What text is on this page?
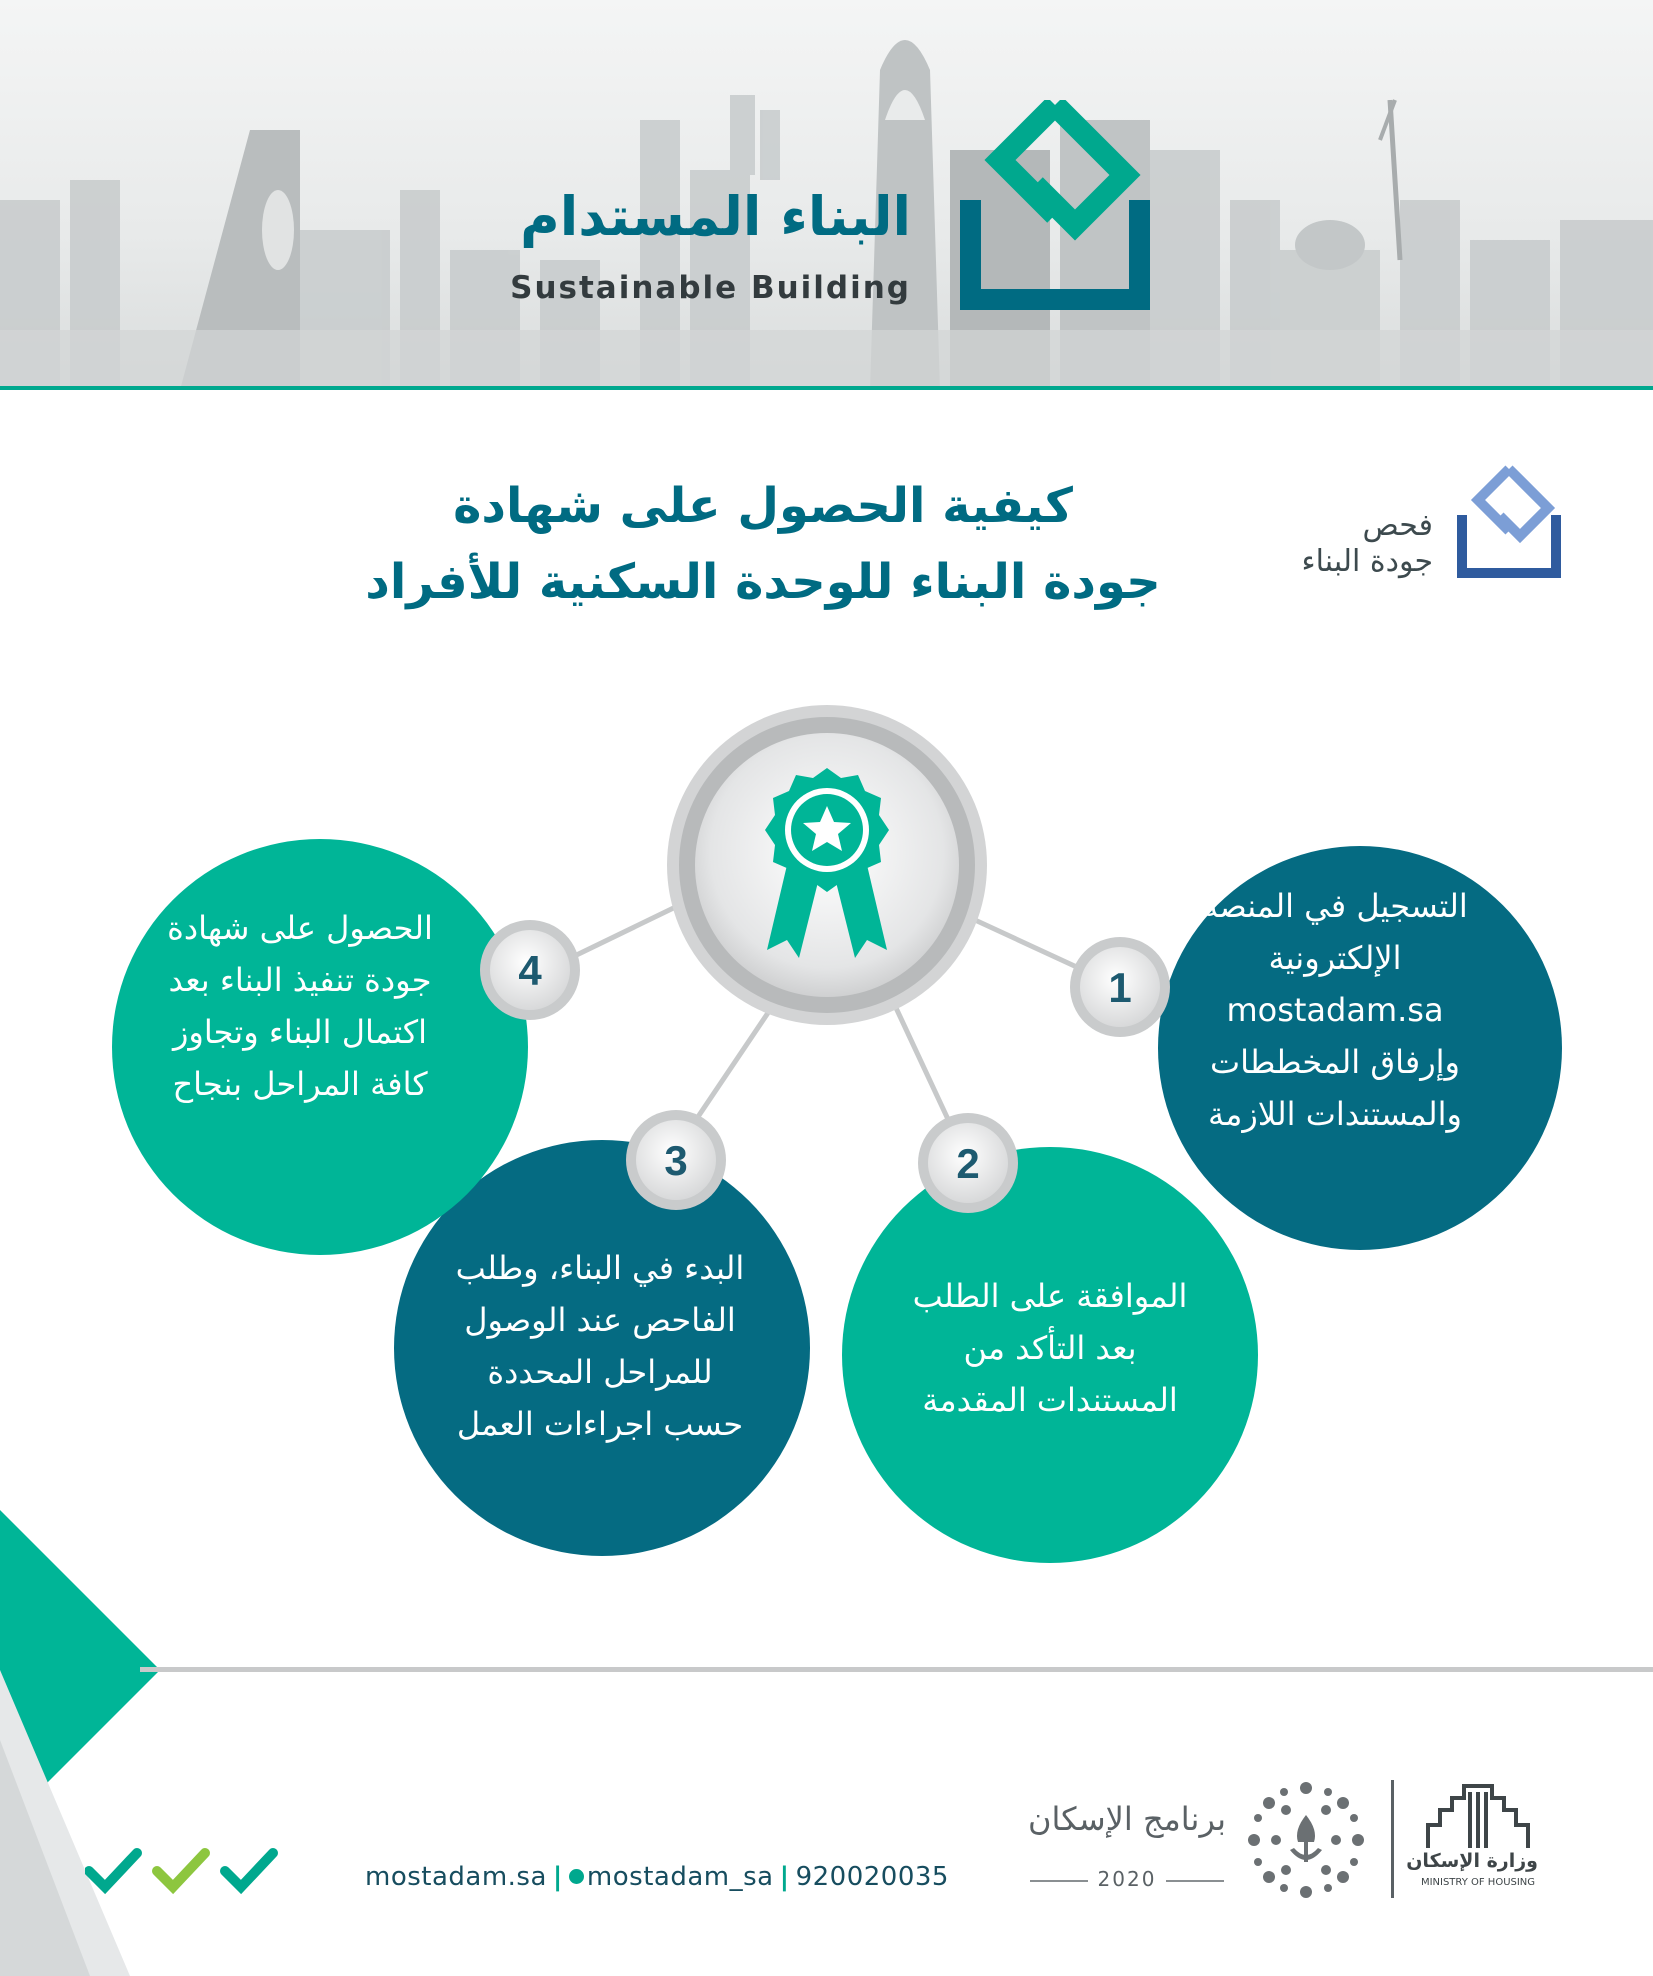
البناء المستدام
Sustainable Building
كيفية الحصول على شهادة
جودة البناء للوحدة السكنية للأفراد
فحص
جودة البناء
1
2
3
4
التسجيل في المنصة
الإلكترونية
mostadam.sa
وإرفاق المخططات
والمستندات اللازمة
الموافقة على الطلب
بعد التأكد من
المستندات المقدمة
البدء في البناء، وطلب
الفاحص عند الوصول
للمراحل المحددة
حسب اجراءات العمل
الحصول على شهادة
جودة تنفيذ البناء بعد
اكتمال البناء وتجاوز
كافة المراحل بنجاح
mostadam.sa | mostadam_sa | 920020035
برنامج الإسكان
2020
وزارة الإسكان
MINISTRY OF HOUSING
